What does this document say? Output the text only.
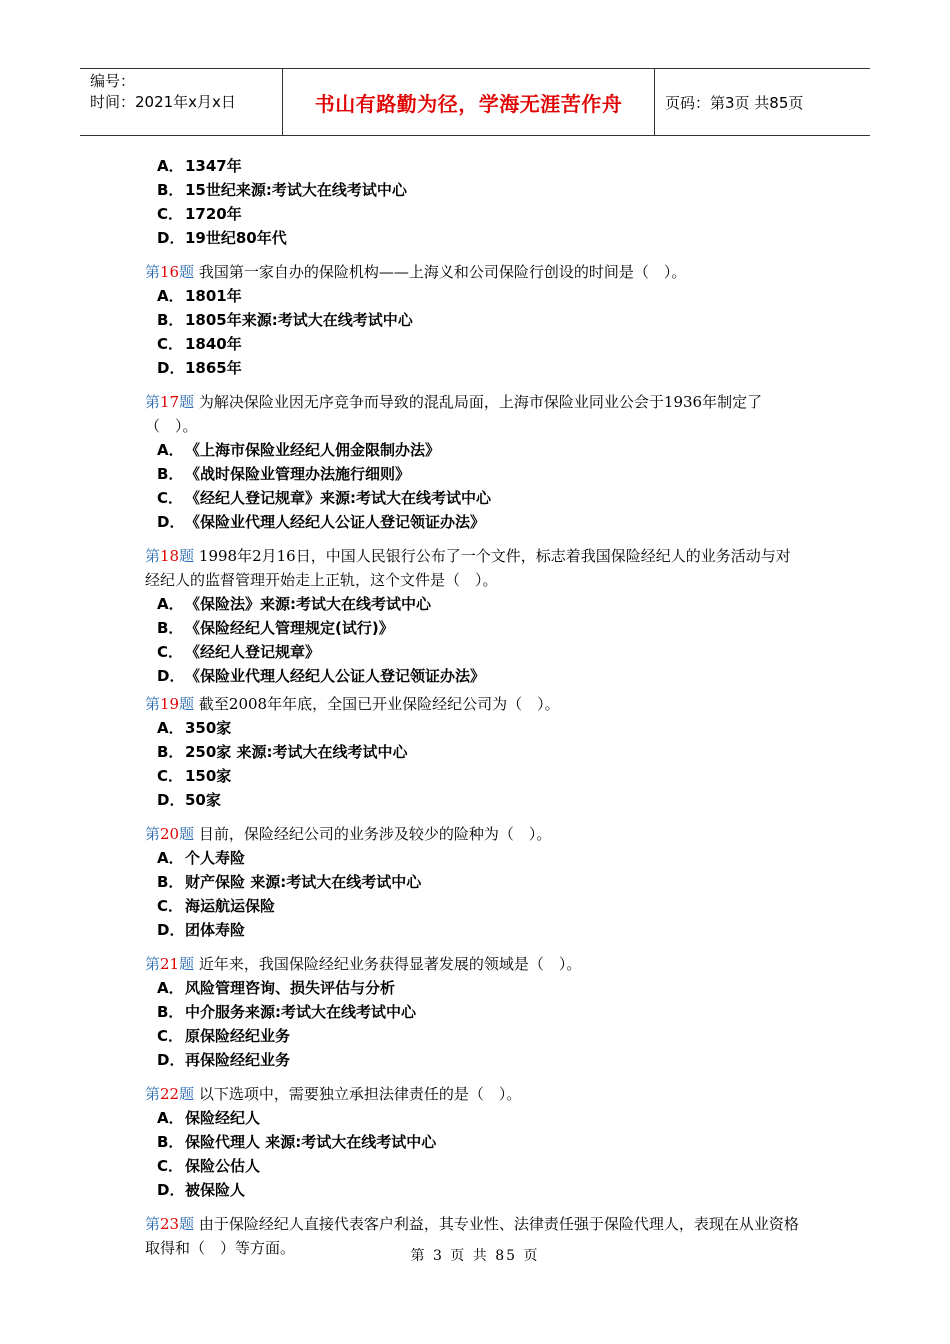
编号：
时间：2021年x月x日	书山有路勤为径，学海无涯苦作舟	页码：第3页 共85页
A．1347年
B． 15世纪来源:考试大在线考试中心
C． 1720年
D．19世纪80年代
第16题 我国第一家自办的保险机构——上海义和公司保险行创设的时间是（　）。
A．1801年
B． 1805年来源:考试大在线考试中心
C． 1840年
D．1865年
第17题 为解决保险业因无序竞争而导致的混乱局面，上海市保险业同业公会于1936年制定了（　）。
A．《上海市保险业经纪人佣金限制办法》
B． 《战时保险业管理办法施行细则》
C． 《经纪人登记规章》来源:考试大在线考试中心
D．《保险业代理人经纪人公证人登记领证办法》
第18题 1998年2月16日，中国人民银行公布了一个文件，标志着我国保险经纪人的业务活动与对经纪人的监督管理开始走上正轨，这个文件是（　）。
A．《保险法》来源:考试大在线考试中心
B． 《保险经纪人管理规定(试行)》
C． 《经纪人登记规章》
D．《保险业代理人经纪人公证人登记领证办法》
第19题 截至2008年年底，全国已开业保险经纪公司为（　）。
A．350家
B． 250家 来源:考试大在线考试中心
C． 150家
D．50家
第20题 目前，保险经纪公司的业务涉及较少的险种为（　）。
A．个人寿险
B． 财产保险 来源:考试大在线考试中心
C． 海运航运保险
D．团体寿险
第21题 近年来，我国保险经纪业务获得显著发展的领域是（　）。
A．风险管理咨询、损失评估与分析
B． 中介服务来源:考试大在线考试中心
C． 原保险经纪业务
D．再保险经纪业务
第22题 以下选项中，需要独立承担法律责任的是（　）。
A．保险经纪人
B． 保险代理人 来源:考试大在线考试中心
C． 保险公估人
D．被保险人
第23题 由于保险经纪人直接代表客户利益，其专业性、法律责任强于保险代理人，表现在从业资格取得和（　）等方面。	第 3 页 共 85 页
